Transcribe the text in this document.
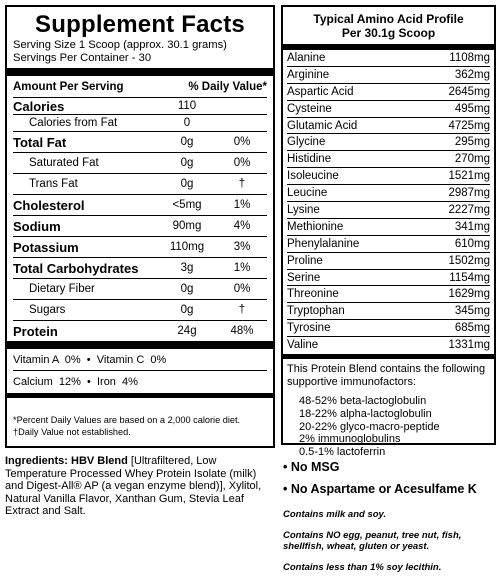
Supplement Facts
Serving Size 1 Scoop (approx. 30.1 grams)
Servings Per Container - 30
Amount Per Serving	% Daily Value*
Calories	110
Calories from Fat	0
Total Fat	0g	0%
Saturated Fat	0g	0%
Trans Fat	0g	†
Cholesterol	<5mg	1%
Sodium	90mg	4%
Potassium	110mg	3%
Total Carbohydrates	3g	1%
Dietary Fiber	0g	0%
Sugars	0g	†
Protein	24g	48%
Vitamin A  0%
•
Vitamin C  0%
Calcium  12%
•
Iron  4%
*Percent Daily Values are based on a 2,000 calorie diet.
†Daily Value not established.
Typical Amino Acid Profile
Per 30.1g Scoop
Alanine	1108mg
Arginine	362mg
Aspartic Acid	2645mg
Cysteine	495mg
Glutamic Acid	4725mg
Glycine	295mg
Histidine	270mg
Isoleucine	1521mg
Leucine	2987mg
Lysine	2227mg
Methionine	341mg
Phenylalanine	610mg
Proline	1502mg
Serine	1154mg
Threonine	1629mg
Tryptophan	345mg
Tyrosine	685mg
Valine	1331mg
This Protein Blend contains the following supportive immunofactors:
48-52% beta-lactoglobulin
18-22% alpha-lactoglobulin
20-22% glyco-macro-peptide
2% immunoglobulins
0.5-1% lactoferrin
Ingredients: HBV Blend [Ultrafiltered, Low Temperature Processed Whey Protein Isolate (milk) and Digest-All® AP (a vegan enzyme blend)], Xylitol, Natural Vanilla Flavor, Xanthan Gum, Stevia Leaf Extract and Salt.
• No MSG
• No Aspartame or Acesulfame K
Contains milk and soy.
Contains NO egg, peanut, tree nut, fish, shellfish, wheat, gluten or yeast.
Contains less than 1% soy lecithin.
